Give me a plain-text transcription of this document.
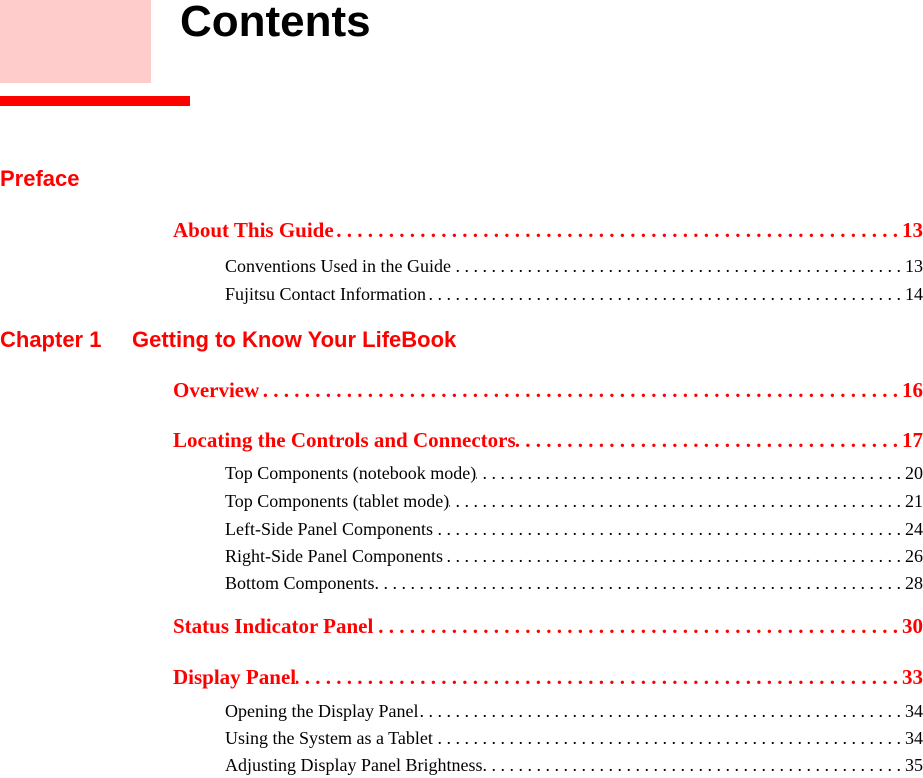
Contents
Preface
About This Guide . . .	13
Conventions Used in the Guide . . .	13
Fujitsu Contact Information . . .	14
Chapter 1 Getting to Know Your LifeBook
Overview . . .	16
Locating the Controls and Connectors . . .	17
Top Components (notebook mode) . . .	20
Top Components (tablet mode) . . .	21
Left-Side Panel Components . . .	24
Right-Side Panel Components . . .	26
Bottom Components . . .	28
Status Indicator Panel . . .	30
Display Panel . . .	33
Opening the Display Panel . . .	34
Using the System as a Tablet . . .	34
Adjusting Display Panel Brightness . . .	35
